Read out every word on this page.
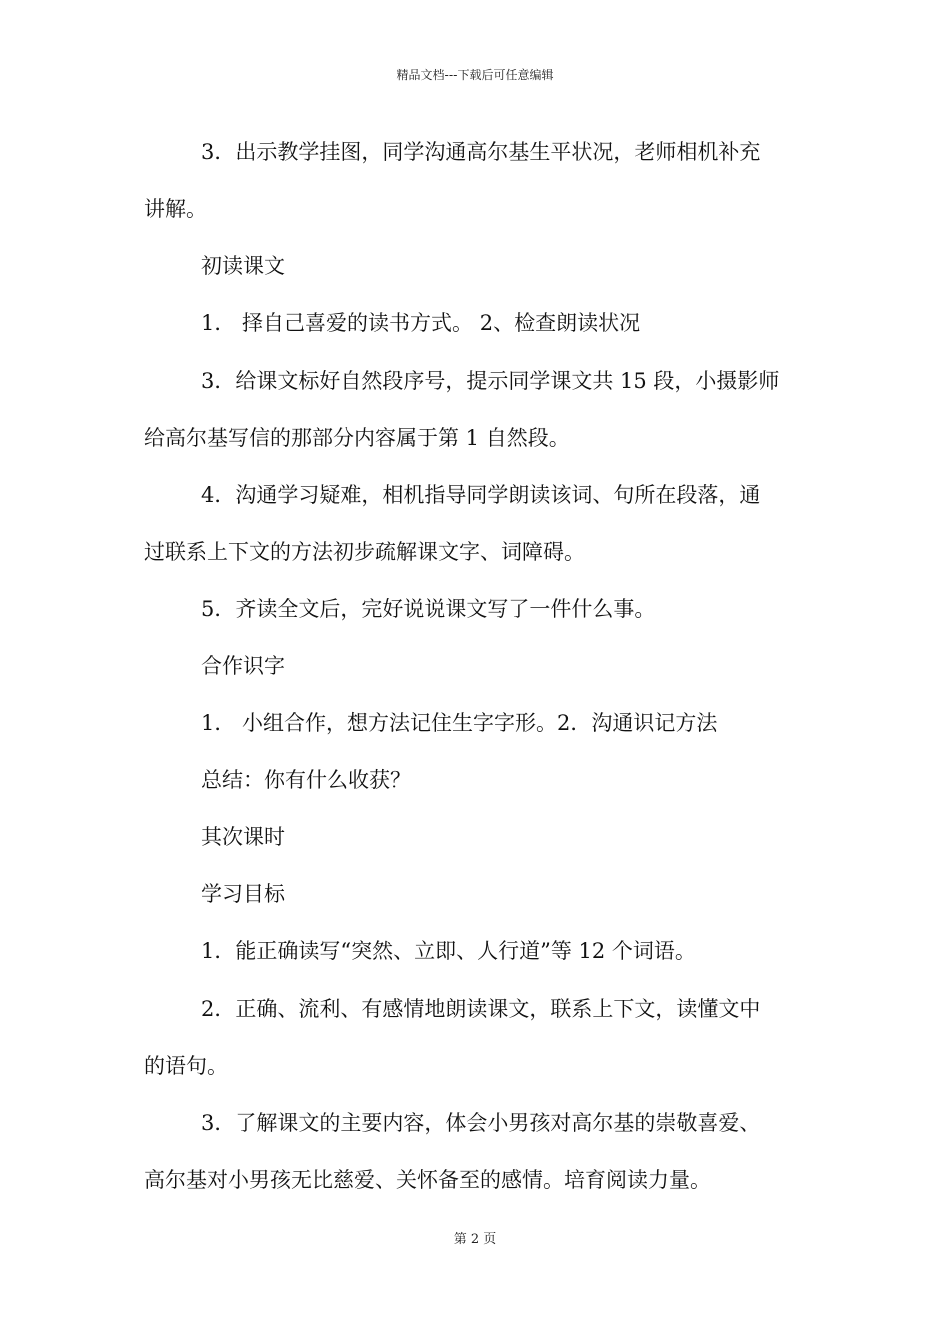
精品文档---下载后可任意编辑
3．出示教学挂图，同学沟通高尔基生平状况，老师相机补充
讲解。
初读课文
1． 择自己喜爱的读书方式。 2、检查朗读状况
3．给课文标好自然段序号，提示同学课文共 15 段，小摄影师
给高尔基写信的那部分内容属于第 1 自然段。
4．沟通学习疑难，相机指导同学朗读该词、句所在段落，通
过联系上下文的方法初步疏解课文字、词障碍。
5．齐读全文后，完好说说课文写了一件什么事。
合作识字
1． 小组合作，想方法记住生字字形。2．沟通识记方法
总结：你有什么收获？
其次课时
学习目标
1．能正确读写“突然、立即、人行道”等 12 个词语。
2．正确、流利、有感情地朗读课文，联系上下文，读懂文中
的语句。
3．了解课文的主要内容，体会小男孩对高尔基的崇敬喜爱、
高尔基对小男孩无比慈爱、关怀备至的感情。培育阅读力量。
第 2 页
